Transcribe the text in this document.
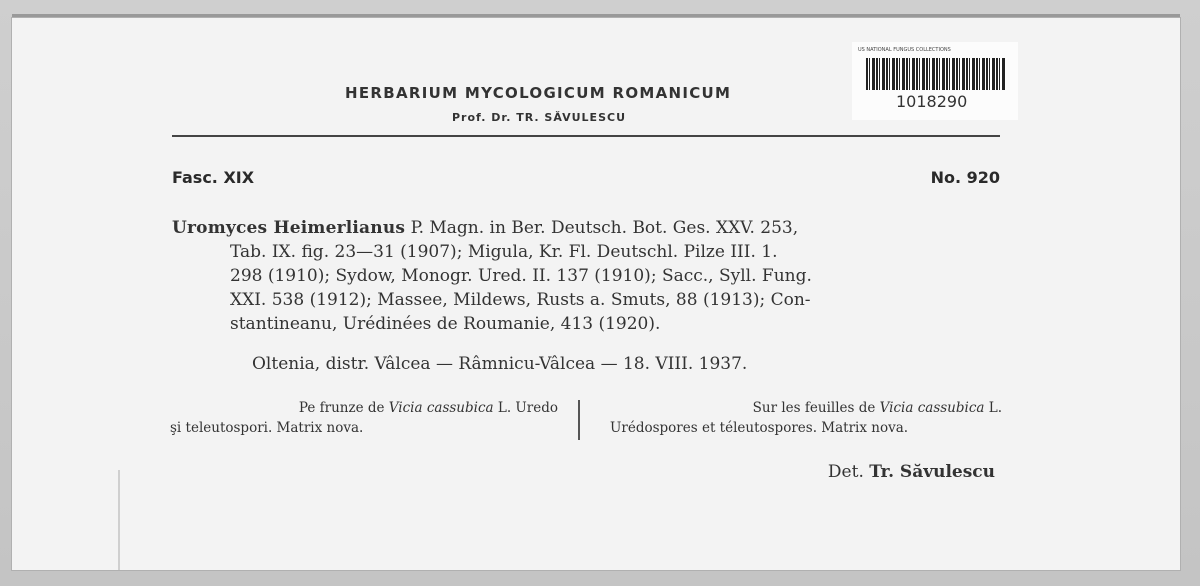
HERBARIUM MYCOLOGICUM ROMANICUM
Prof. Dr. TR. SĂVULESCU
US NATIONAL FUNGUS COLLECTIONS
1018290
Fasc. XIX	No. 920
Uromyces Heimerlianus P. Magn. in Ber. Deutsch. Bot. Ges. XXV. 253,
Tab. IX. fig. 23—31 (1907); Migula, Kr. Fl. Deutschl. Pilze III. 1.
298 (1910); Sydow, Monogr. Ured. II. 137 (1910); Sacc., Syll. Fung.
XXI. 538 (1912); Massee, Mildews, Rusts a. Smuts, 88 (1913); Con-
stantineanu, Urédinées de Roumanie, 413 (1920).
Oltenia, distr. Vâlcea — Râmnicu-Vâlcea — 18. VIII. 1937.
Pe frunze de Vicia cassubica L. Uredo
şi teleutospori. Matrix nova.
Sur les feuilles de Vicia cassubica L.
Urédospores et téleutospores. Matrix nova.
Det. Tr. Săvulescu
